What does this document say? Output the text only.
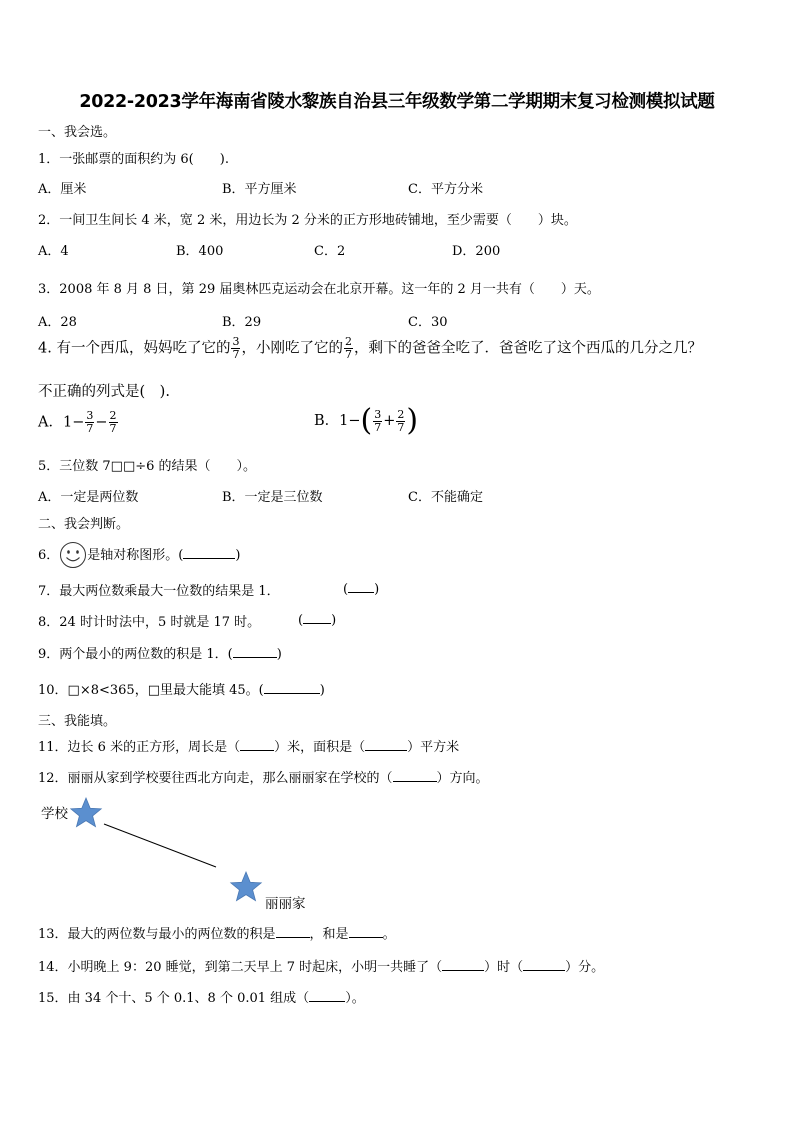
2022-2023学年海南省陵水黎族自治县三年级数学第二学期期末复习检测模拟试题
一、我会选。
1．一张邮票的面积约为 6(　　).
A．厘米	B．平方厘米	C．平方分米
2．一间卫生间长 4 米，宽 2 米，用边长为 2 分米的正方形地砖铺地，至少需要（　　）块。
A．4	B．400	C．2	D．200
3．2008 年 8 月 8 日，第 29 届奥林匹克运动会在北京开幕。这一年的 2 月一共有（　　）天。
A．28	B．29	C．30
4. 有一个西瓜，妈妈吃了它的 $\frac{3}{7}$ ，小刚吃了它的 $\frac{2}{7}$ ，剩下的爸爸全吃了．爸爸吃了这个西瓜的几分之几？
不正确的列式是(　).
A．$1- \frac{3}{7} - \frac{2}{7}$	B．$1-( \frac{3}{7} + \frac{2}{7}$ )
5．三位数 7□□÷6 的结果（　　）。
A．一定是两位数	B．一定是三位数	C．不能确定
二、我会判断。
6． 是轴对称图形。(	)
7．最大两位数乘最大一位数的结果是 1．	( )
8．24 时计时法中，5 时就是 17 时。	( )
9．两个最小的两位数的积是 1．(	)
10．□×8<365，□里最大能填 45。(	)
三、我能填。
11．边长 6 米的正方形，周长是（	）米，面积是（	）平方米
12．丽丽从家到学校要往西北方向走，那么丽丽家在学校的（	）方向。
学校
丽丽家
13．最大的两位数与最小的两位数的积是	，和是	。
14．小明晚上 9：20 睡觉，到第二天早上 7 时起床，小明一共睡了（	）时（	）分。
15．由 34 个十、5 个 0.1、8 个 0.01 组成（	）。
